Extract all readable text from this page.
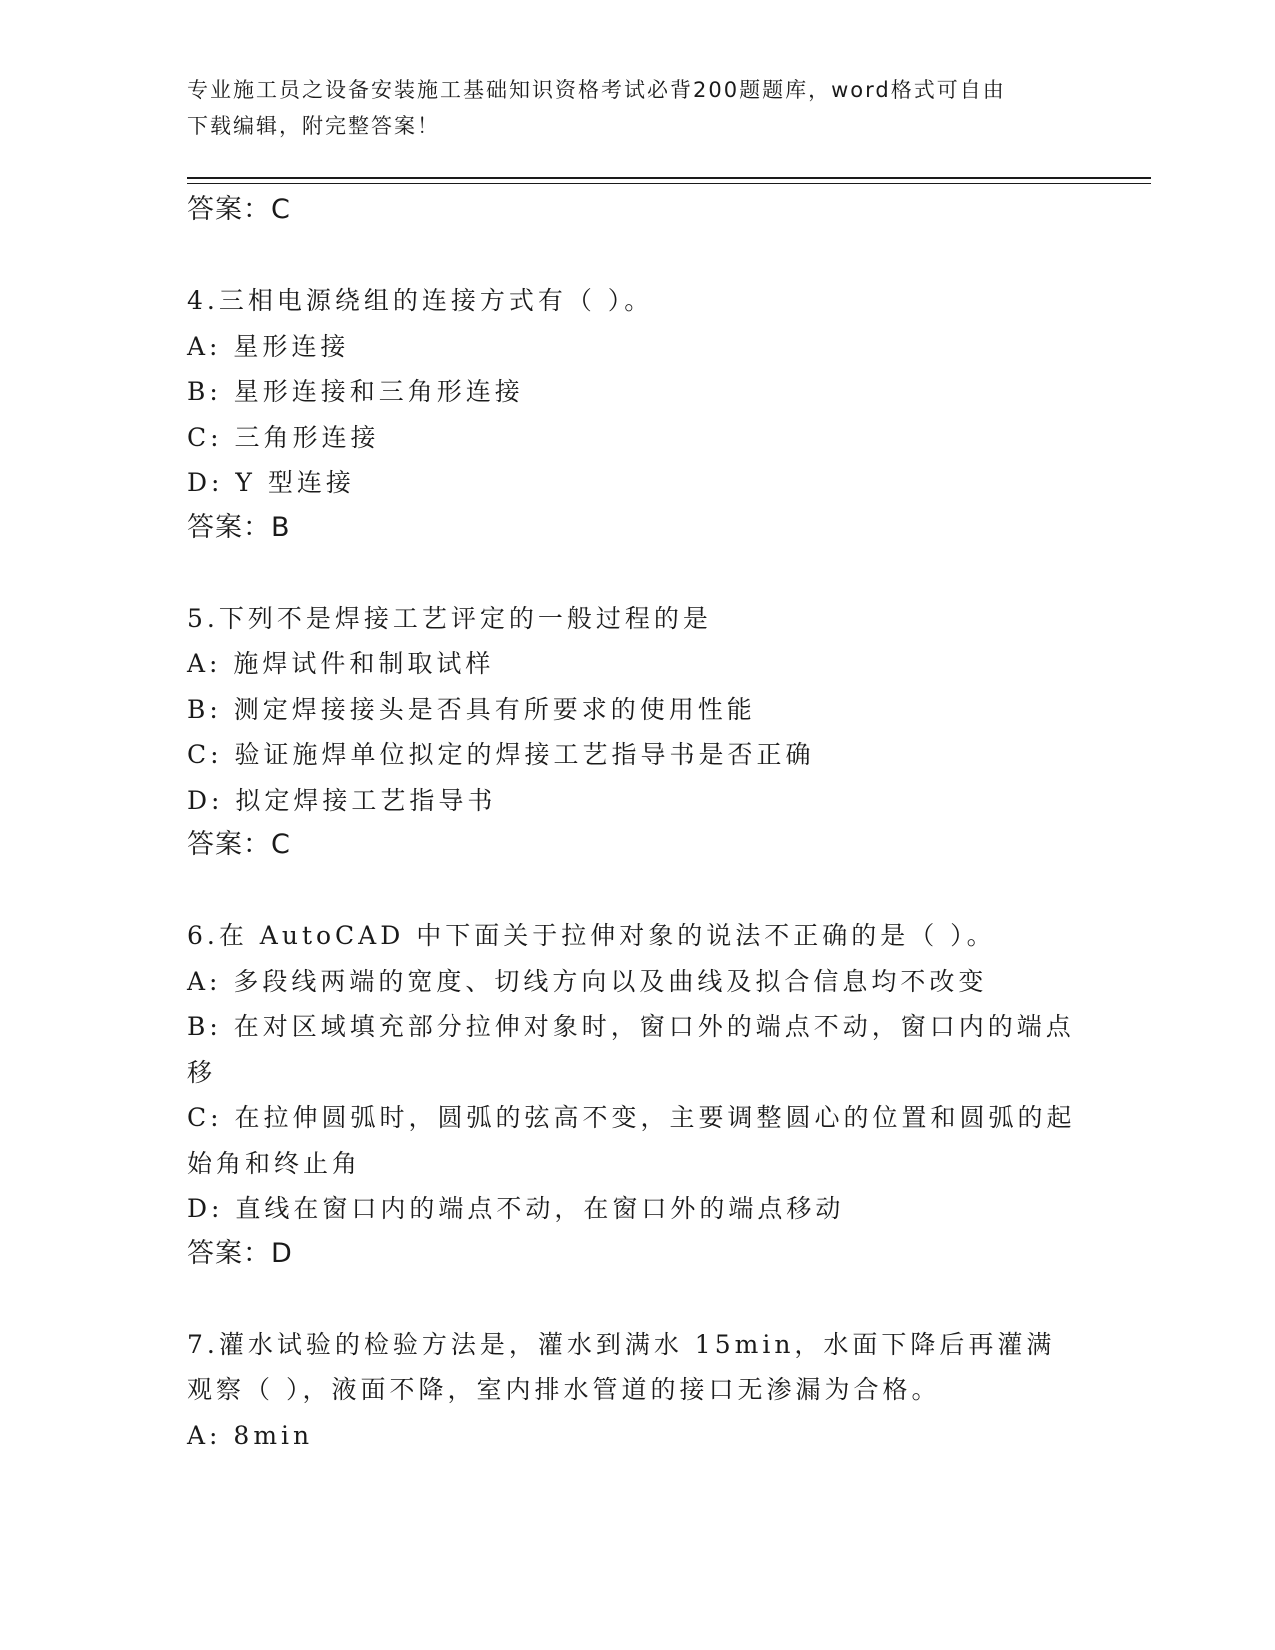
专业施工员之设备安装施工基础知识资格考试必背200题题库，word格式可自由
下载编辑，附完整答案！
答案：C
4.三相电源绕组的连接方式有（ ）。
A: 星形连接
B: 星形连接和三角形连接
C: 三角形连接
D: Y 型连接
答案：B
5.下列不是焊接工艺评定的一般过程的是
A: 施焊试件和制取试样
B: 测定焊接接头是否具有所要求的使用性能
C: 验证施焊单位拟定的焊接工艺指导书是否正确
D: 拟定焊接工艺指导书
答案：C
6.在 AutoCAD 中下面关于拉伸对象的说法不正确的是（ ）。
A: 多段线两端的宽度、切线方向以及曲线及拟合信息均不改变
B: 在对区域填充部分拉伸对象时，窗口外的端点不动，窗口内的端点移
C: 在拉伸圆弧时，圆弧的弦高不变，主要调整圆心的位置和圆弧的起始角和终止角
D: 直线在窗口内的端点不动，在窗口外的端点移动
答案：D
7.灌水试验的检验方法是，灌水到满水 15min，水面下降后再灌满观察（ ），液面不降，室内排水管道的接口无渗漏为合格。
A: 8min
